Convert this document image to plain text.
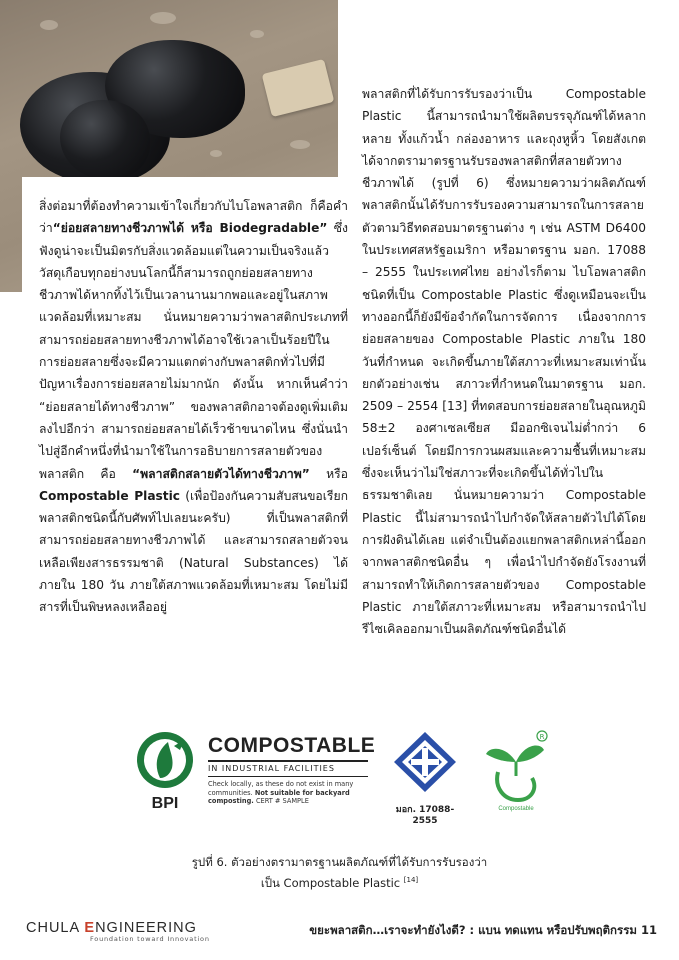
สิ่งต่อมาที่ต้องทำความเข้าใจเกี่ยวกับไบโอพลาสติก ก็คือคำว่า“ย่อยสลายทางชีวภาพได้ หรือ Biodegradable” ซึ่งฟังดูน่าจะเป็นมิตรกับสิ่งแวดล้อมแต่ในความเป็นจริงแล้ววัสดุเกือบทุกอย่างบนโลกนี้ก็สามารถถูกย่อยสลายทางชีวภาพได้หากทิ้งไว้เป็นเวลานานมากพอและอยู่ในสภาพแวดล้อมที่เหมาะสม นั่นหมายความว่าพลาสติกประเภทที่สามารถย่อยสลายทางชีวภาพได้อาจใช้เวลาเป็นร้อยปีในการย่อยสลายซึ่งจะมีความแตกต่างกับพลาสติกทั่วไปที่มีปัญหาเรื่องการย่อยสลายไม่มากนัก ดังนั้น หากเห็นคำว่า “ย่อยสลายได้ทางชีวภาพ” ของพลาสติกอาจต้องดูเพิ่มเติมลงไปอีกว่า สามารถย่อยสลายได้เร็วช้าขนาดไหน ซึ่งนั่นนำไปสู่อีกคำหนึ่งที่นำมาใช้ในการอธิบายการสลายตัวของพลาสติก คือ “พลาสติกสลายตัวได้ทางชีวภาพ” หรือ Compostable Plastic (เพื่อป้องกันความสับสนขอเรียกพลาสติกชนิดนี้กับศัพท์ไปเลยนะครับ) ที่เป็นพลาสติกที่สามารถย่อยสลายทางชีวภาพได้ และสามารถสลายตัวจนเหลือเพียงสารธรรมชาติ (Natural Substances) ได้ภายใน 180 วัน ภายใต้สภาพแวดล้อมที่เหมาะสม โดยไม่มีสารที่เป็นพิษหลงเหลืออยู่

พลาสติกที่ได้รับการรับรองว่าเป็น Compostable Plastic นี้สามารถนำมาใช้ผลิตบรรจุภัณฑ์ได้หลากหลาย ทั้งแก้วน้ำ กล่องอาหาร และถุงหูหิ้ว โดยสังเกตได้จากตรามาตรฐานรับรองพลาสติกที่สลายตัวทางชีวภาพได้ (รูปที่ 6) ซึ่งหมายความว่าผลิตภัณฑ์พลาสติกนั้นได้รับการรับรองความสามารถในการสลายตัวตามวิธีทดสอบมาตรฐานต่าง ๆ เช่น ASTM D6400 ในประเทศสหรัฐอเมริกา หรือมาตรฐาน มอก. 17088 – 2555 ในประเทศไทย อย่างไรก็ตาม ไบโอพลาสติกชนิดที่เป็น Compostable Plastic ซึ่งดูเหมือนจะเป็นทางออกนี้ก็ยังมีข้อจำกัดในการจัดการ เนื่องจากการย่อยสลายของ Compostable Plastic ภายใน 180 วันที่กำหนด จะเกิดขึ้นภายใต้สภาวะที่เหมาะสมเท่านั้น ยกตัวอย่างเช่น สภาวะที่กำหนดในมาตรฐาน มอก. 2509 – 2554 [13] ที่ทดสอบการย่อยสลายในอุณหภูมิ 58±2 องศาเซลเซียส มีออกซิเจนไม่ต่ำกว่า 6 เปอร์เซ็นต์ โดยมีการกวนผสมและความชื้นที่เหมาะสม ซึ่งจะเห็นว่าไม่ใช่สภาวะที่จะเกิดขึ้นได้ทั่วไปในธรรมชาติเลย นั่นหมายความว่า Compostable Plastic นี้ไม่สามารถนำไปกำจัดให้สลายตัวไปได้โดยการฝังดินได้เลย แต่จำเป็นต้องแยกพลาสติกเหล่านี้ออกจากพลาสติกชนิดอื่น ๆ เพื่อนำไปกำจัดยังโรงงานที่สามารถทำให้เกิดการสลายตัวของ Compostable Plastic ภายใต้สภาวะที่เหมาะสม หรือสามารถนำไปรีไซเคิลออกมาเป็นผลิตภัณฑ์ชนิดอื่นได้

BPI
COMPOSTABLE
IN INDUSTRIAL FACILITIES
Check locally, as these do not exist in many communities. Not suitable for backyard composting. CERT # SAMPLE
มอก. 17088-2555
R
Compostable
รูปที่ 6. ตัวอย่างตรามาตรฐานผลิตภัณฑ์ที่ได้รับการรับรองว่า
เป็น Compostable Plastic [14]
CHULA ENGINEERING
Foundation toward Innovation
ขยะพลาสติก…เราจะทำยังไงดี? : แบน ทดแทน หรือปรับพฤติกรรม 11
